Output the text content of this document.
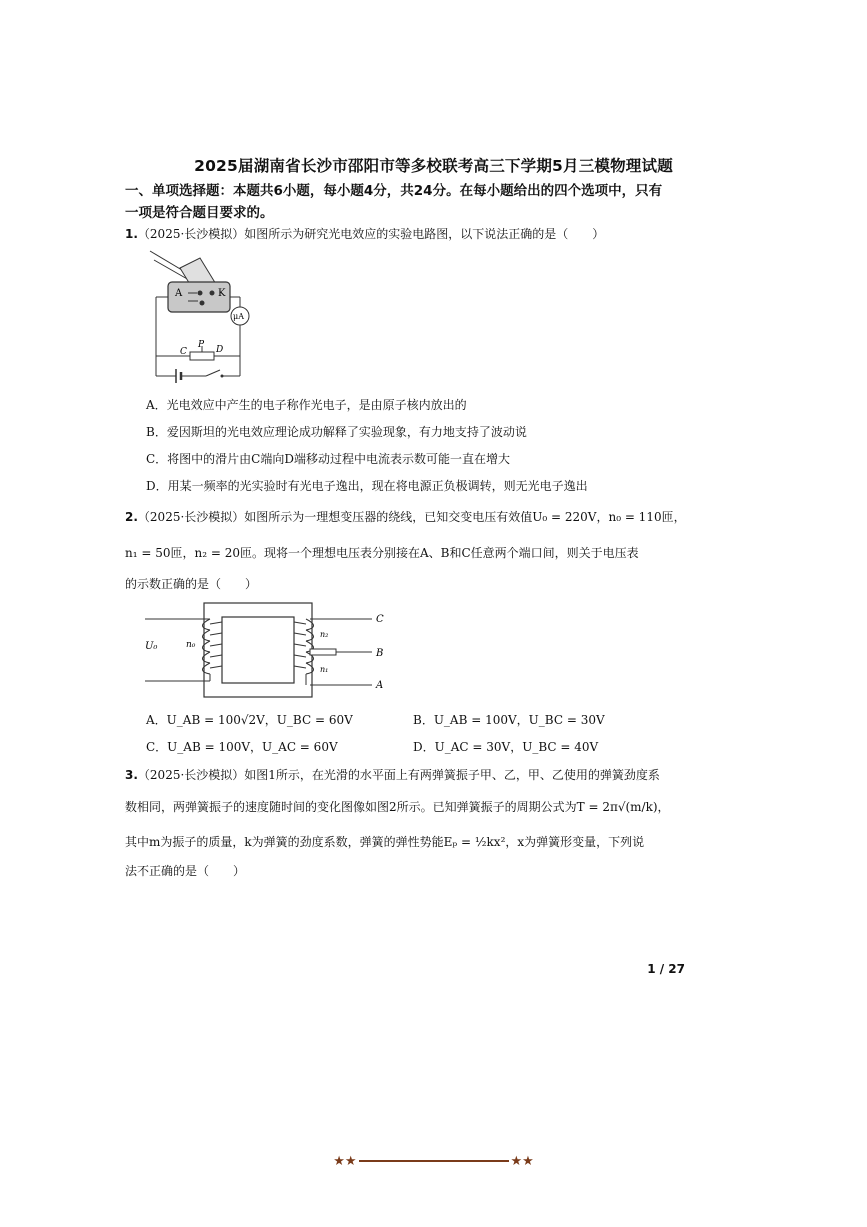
2025届湖南省长沙市邵阳市等多校联考高三下学期5月三模物理试题
一、单项选择题：本题共6小题，每小题4分，共24分。在每小题给出的四个选项中，只有
一项是符合题目要求的。
1.（2025·长沙模拟）如图所示为研究光电效应的实验电路图，以下说法正确的是（　　）
A	K
μA
C
P D
A．光电效应中产生的电子称作光电子，是由原子核内放出的
B．爱因斯坦的光电效应理论成功解释了实验现象，有力地支持了波动说
C．将图中的滑片由C端向D端移动过程中电流表示数可能一直在增大
D．用某一频率的光实验时有光电子逸出，现在将电源正负极调转，则无光电子逸出
2.（2025·长沙模拟）如图所示为一理想变压器的绕线，已知交变电压有效值U₀ = 220V，n₀ = 110匝，
n₁ = 50匝，n₂ = 20匝。现将一个理想电压表分别接在A、B和C任意两个端口间，则关于电压表
的示数正确的是（　　）
U₀	n₀
C
B
A
n₂
n₁
A．U_AB = 100√2V，U_BC = 60V	B．U_AB = 100V，U_BC = 30V
C．U_AB = 100V，U_AC = 60V	D．U_AC = 30V，U_BC = 40V
3.（2025·长沙模拟）如图1所示，在光滑的水平面上有两弹簧振子甲、乙，甲、乙使用的弹簧劲度系
数相同，两弹簧振子的速度随时间的变化图像如图2所示。已知弹簧振子的周期公式为T = 2π√(m/k)，
其中m为振子的质量，k为弹簧的劲度系数，弹簧的弹性势能Eₚ = ½kx²，x为弹簧形变量，下列说
法不正确的是（　　）
1 / 27
★★	★★
